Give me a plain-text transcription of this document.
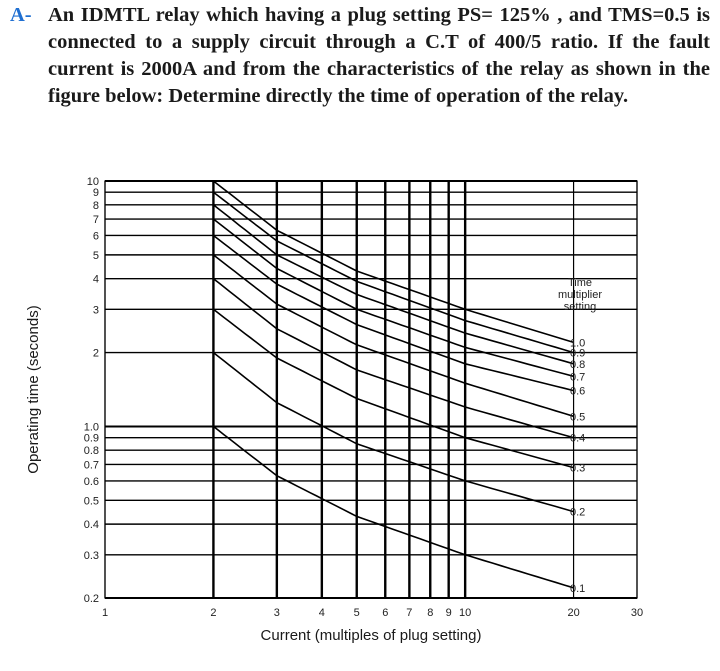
A- An IDMTL relay which having a plug setting PS= 125% , and TMS=0.5 is connected to a supply circuit through a C.T of 400/5 ratio. If the fault current is 2000A and from the characteristics of the relay as shown in the figure below: Determine directly the time of operation of the relay.
10
9
8
7
6
5
4
3
2
1.0
0.9
0.8
0.7
0.6
0.5
0.4
0.3
0.2
1	2	3	4	5 6 7 8 9 10	20	30
1.0
0.9
0.8
0.7
0.6
0.5
0.4
0.3
0.2
0.1
Time
multiplier
setting
Current (multiples of plug setting)
Operating time (seconds)
